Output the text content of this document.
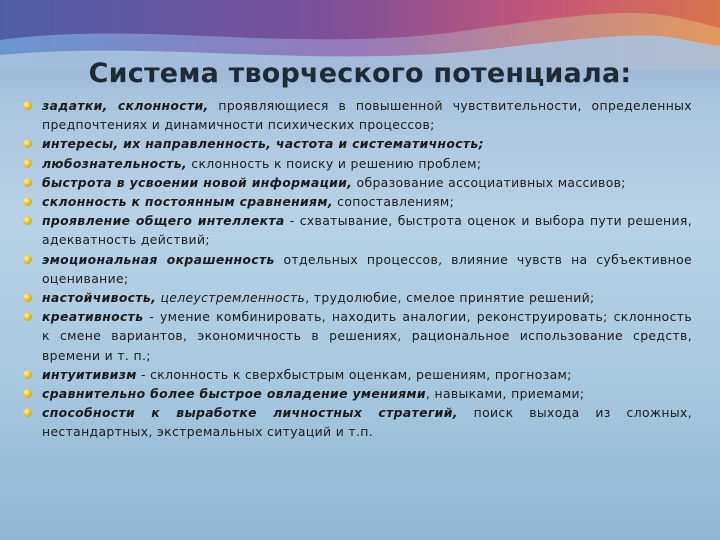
Система творческого потенциала:
задатки, склонности, проявляющиеся в повышенной чувствительности, определенных предпочтениях и динамичности психических процессов;
интересы, их направленность, частота и систематичность;
любознательность, склонность к поиску и решению проблем;
быстрота в усвоении новой информации, образование ассоциативных массивов;
склонность к постоянным сравнениям, сопоставлениям;
проявление общего интеллекта - схватывание, быстрота оценок и выбора пути решения, адекватность действий;
эмоциональная окрашенность отдельных процессов, влияние чувств на субъективное оценивание;
настойчивость, целеустремленность, трудолюбие, смелое принятие решений;
креативность - умение комбинировать, находить аналогии, реконструировать; склонность к смене вариантов, экономичность в решениях, рациональное использование средств, времени и т. п.;
интуитивизм - склонность к сверхбыстрым оценкам, решениям, прогнозам;
сравнительно более быстрое овладение умениями, навыками, приемами;
способности к выработке личностных стратегий, поиск выхода из сложных, нестандартных, экстремальных ситуаций и т.п.
